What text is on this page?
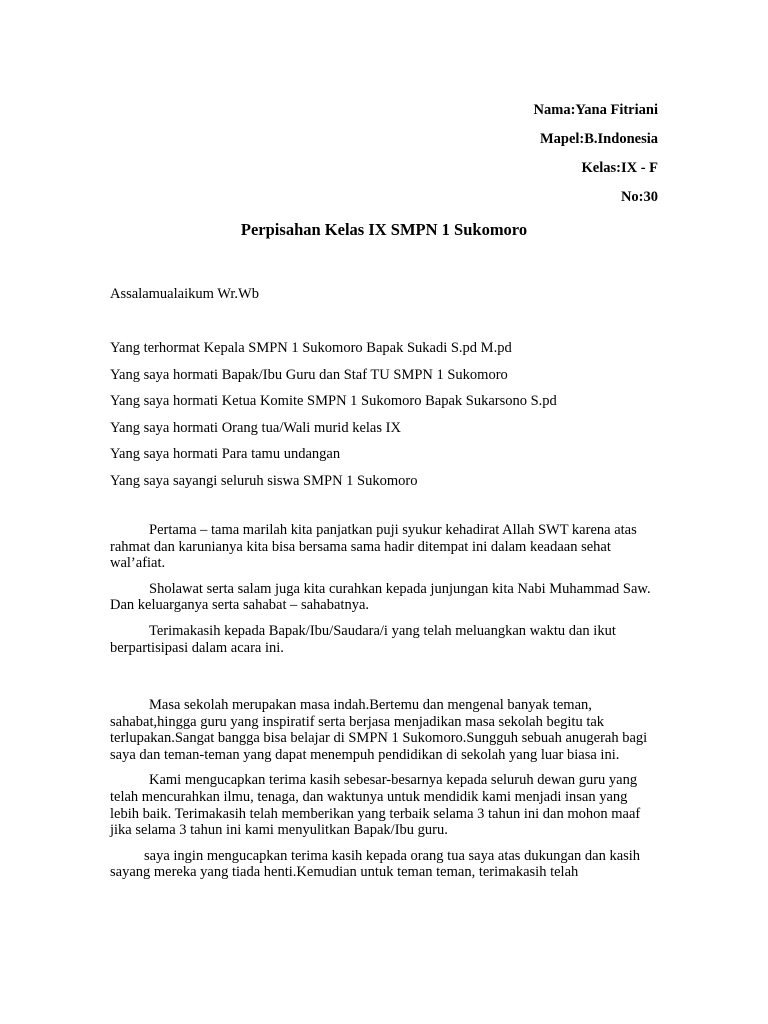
Nama:Yana Fitriani
Mapel:B.Indonesia
Kelas:IX - F
No:30
Perpisahan Kelas IX SMPN 1 Sukomoro
Assalamualaikum Wr.Wb
Yang terhormat Kepala SMPN 1 Sukomoro Bapak Sukadi S.pd M.pd
Yang saya hormati Bapak/Ibu Guru dan Staf TU SMPN 1 Sukomoro
Yang saya hormati Ketua Komite SMPN 1 Sukomoro Bapak Sukarsono S.pd
Yang saya hormati Orang tua/Wali murid kelas IX
Yang saya hormati Para tamu undangan
Yang saya sayangi seluruh siswa SMPN 1 Sukomoro

Pertama – tama marilah kita panjatkan puji syukur kehadirat Allah SWT karena atas rahmat dan karunianya kita bisa bersama sama hadir ditempat ini dalam keadaan sehat wal’afiat.

Sholawat serta salam juga kita curahkan kepada junjungan kita Nabi Muhammad Saw. Dan keluarganya serta sahabat – sahabatnya.

Terimakasih kepada Bapak/Ibu/Saudara/i yang telah meluangkan waktu dan ikut berpartisipasi dalam acara ini.

Masa sekolah merupakan masa indah.Bertemu dan mengenal banyak teman, sahabat,hingga guru yang inspiratif serta berjasa menjadikan masa sekolah begitu tak terlupakan.Sangat bangga bisa belajar di SMPN 1 Sukomoro.Sungguh sebuah anugerah bagi saya dan teman-teman yang dapat menempuh pendidikan di sekolah yang luar biasa ini.

Kami mengucapkan terima kasih sebesar-besarnya kepada seluruh dewan guru yang telah mencurahkan ilmu, tenaga, dan waktunya untuk mendidik kami menjadi insan yang lebih baik. Terimakasih telah memberikan yang terbaik selama 3 tahun ini dan mohon maaf jika selama 3 tahun ini kami menyulitkan Bapak/Ibu guru.

saya ingin mengucapkan terima kasih kepada orang tua saya atas dukungan dan kasih sayang mereka yang tiada henti.Kemudian untuk teman teman, terimakasih telah
